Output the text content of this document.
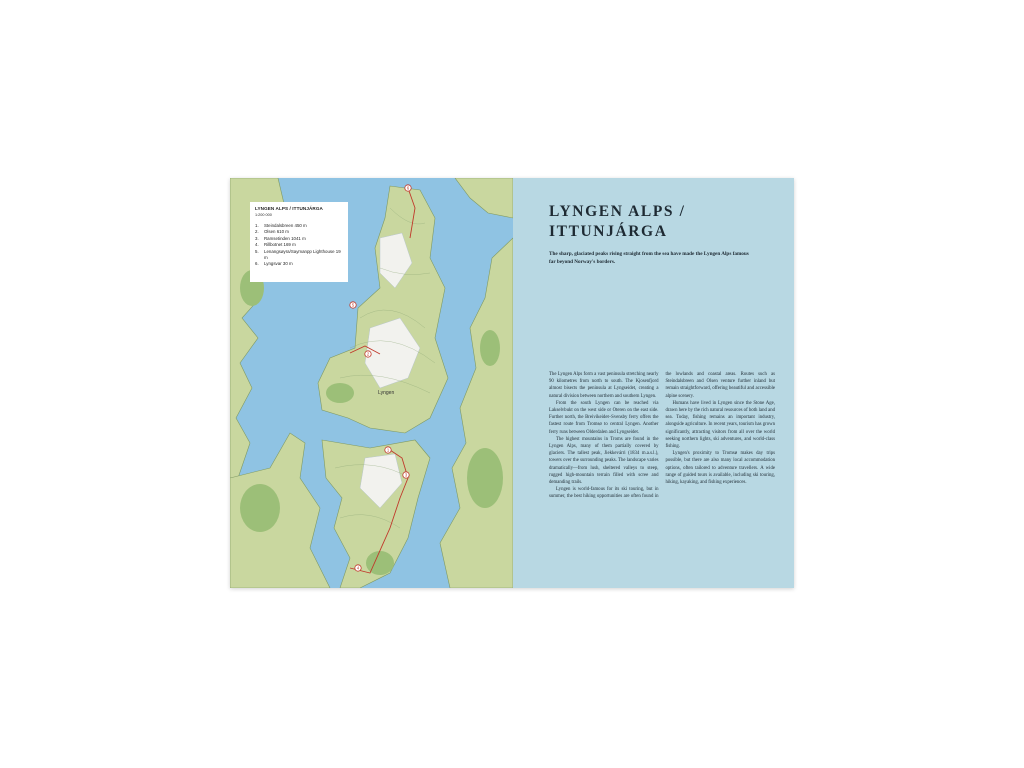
6
5
2
1
3
4
Lyngen
LYNGEN ALPS / ITTUNJÁRGA
1:200 000
1.	Steindalsbreen 450 m
2.	Olsen 610 m
3.	Ramsetinden 1041 m
4.	Rillbotnet 169 m
5.	Lenangsøyra/Saymanpp Lighthouse 19 m
6.	Lyngsvar 30 m
LYNGEN ALPS /
ITTUNJÁRGA

The sharp, glaciated peaks rising straight from the sea have made the Lyngen Alps famous far beyond Norway's borders.

The Lyngen Alps form a vast peninsula stretching nearly 90 kilometres from north to south. The Kjosenfjord almost bisects the peninsula at Lyngseidet, creating a natural division between northern and southern Lyngen.

From the south Lyngen can be reached via Lakselvbukt on the west side or Oteren on the east side. Further north, the Breivikeidet–Svensby ferry offers the fastest route from Tromsø to central Lyngen. Another ferry runs between Olderdalen and Lyngseidet.

The highest mountains in Troms are found in the Lyngen Alps, many of them partially covered by glaciers. The tallest peak, Jiekkevárri (1834 m.a.s.l.), towers over the surrounding peaks. The landscape varies dramatically—from lush, sheltered valleys to steep, rugged high-mountain terrain filled with scree and demanding trails.

Lyngen is world-famous for its ski touring, but in summer, the best hiking opportunities are often found in the lowlands and coastal areas. Routes such as Steindalsbreen and Olsen venture further inland but remain straightforward, offering beautiful and accessible alpine scenery.

Humans have lived in Lyngen since the Stone Age, drawn here by the rich natural resources of both land and sea. Today, fishing remains an important industry, alongside agriculture. In recent years, tourism has grown significantly, attracting visitors from all over the world seeking northern lights, ski adventures, and world-class fishing.

Lyngen's proximity to Tromsø makes day trips possible, but there are also many local accommodation options, often tailored to adventure travellers. A wide range of guided tours is available, including ski touring, hiking, kayaking, and fishing experiences.
